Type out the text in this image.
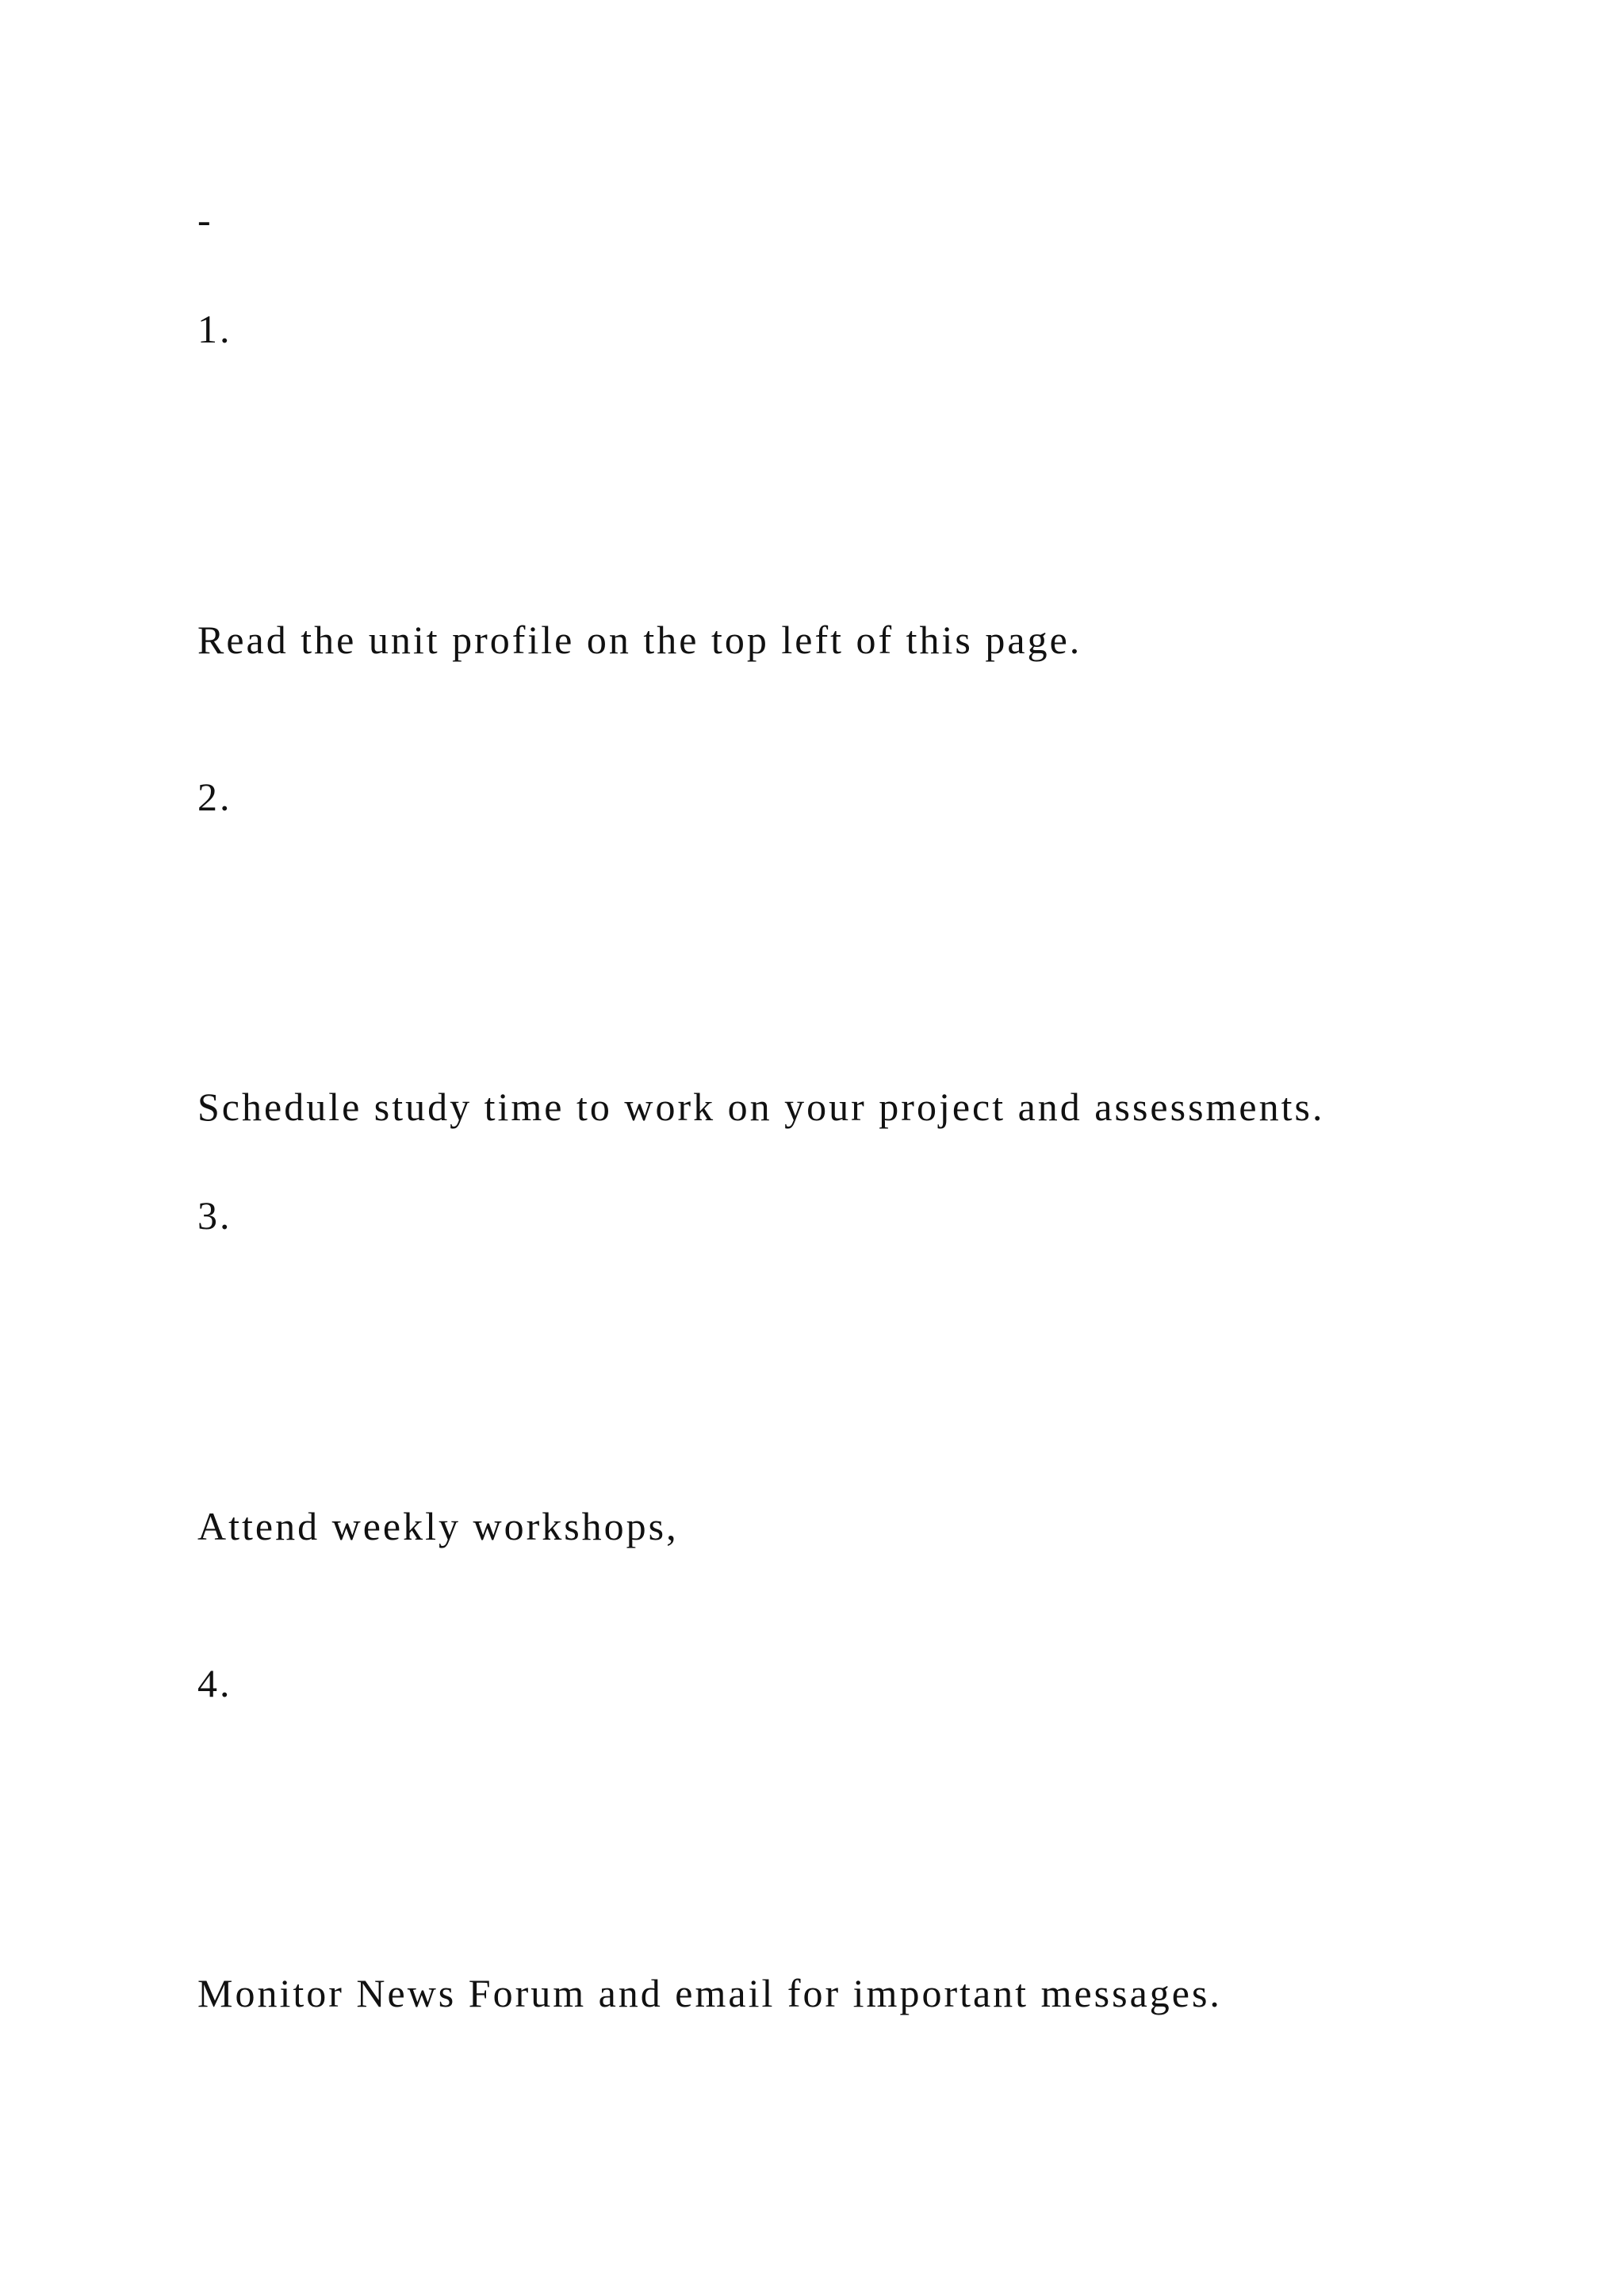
-
1.
Read the unit profile on the top left of this page.
2.
Schedule study time to work on your project and assessments.
3.
Attend weekly workshops,
4.
Monitor News Forum and email for important messages.
